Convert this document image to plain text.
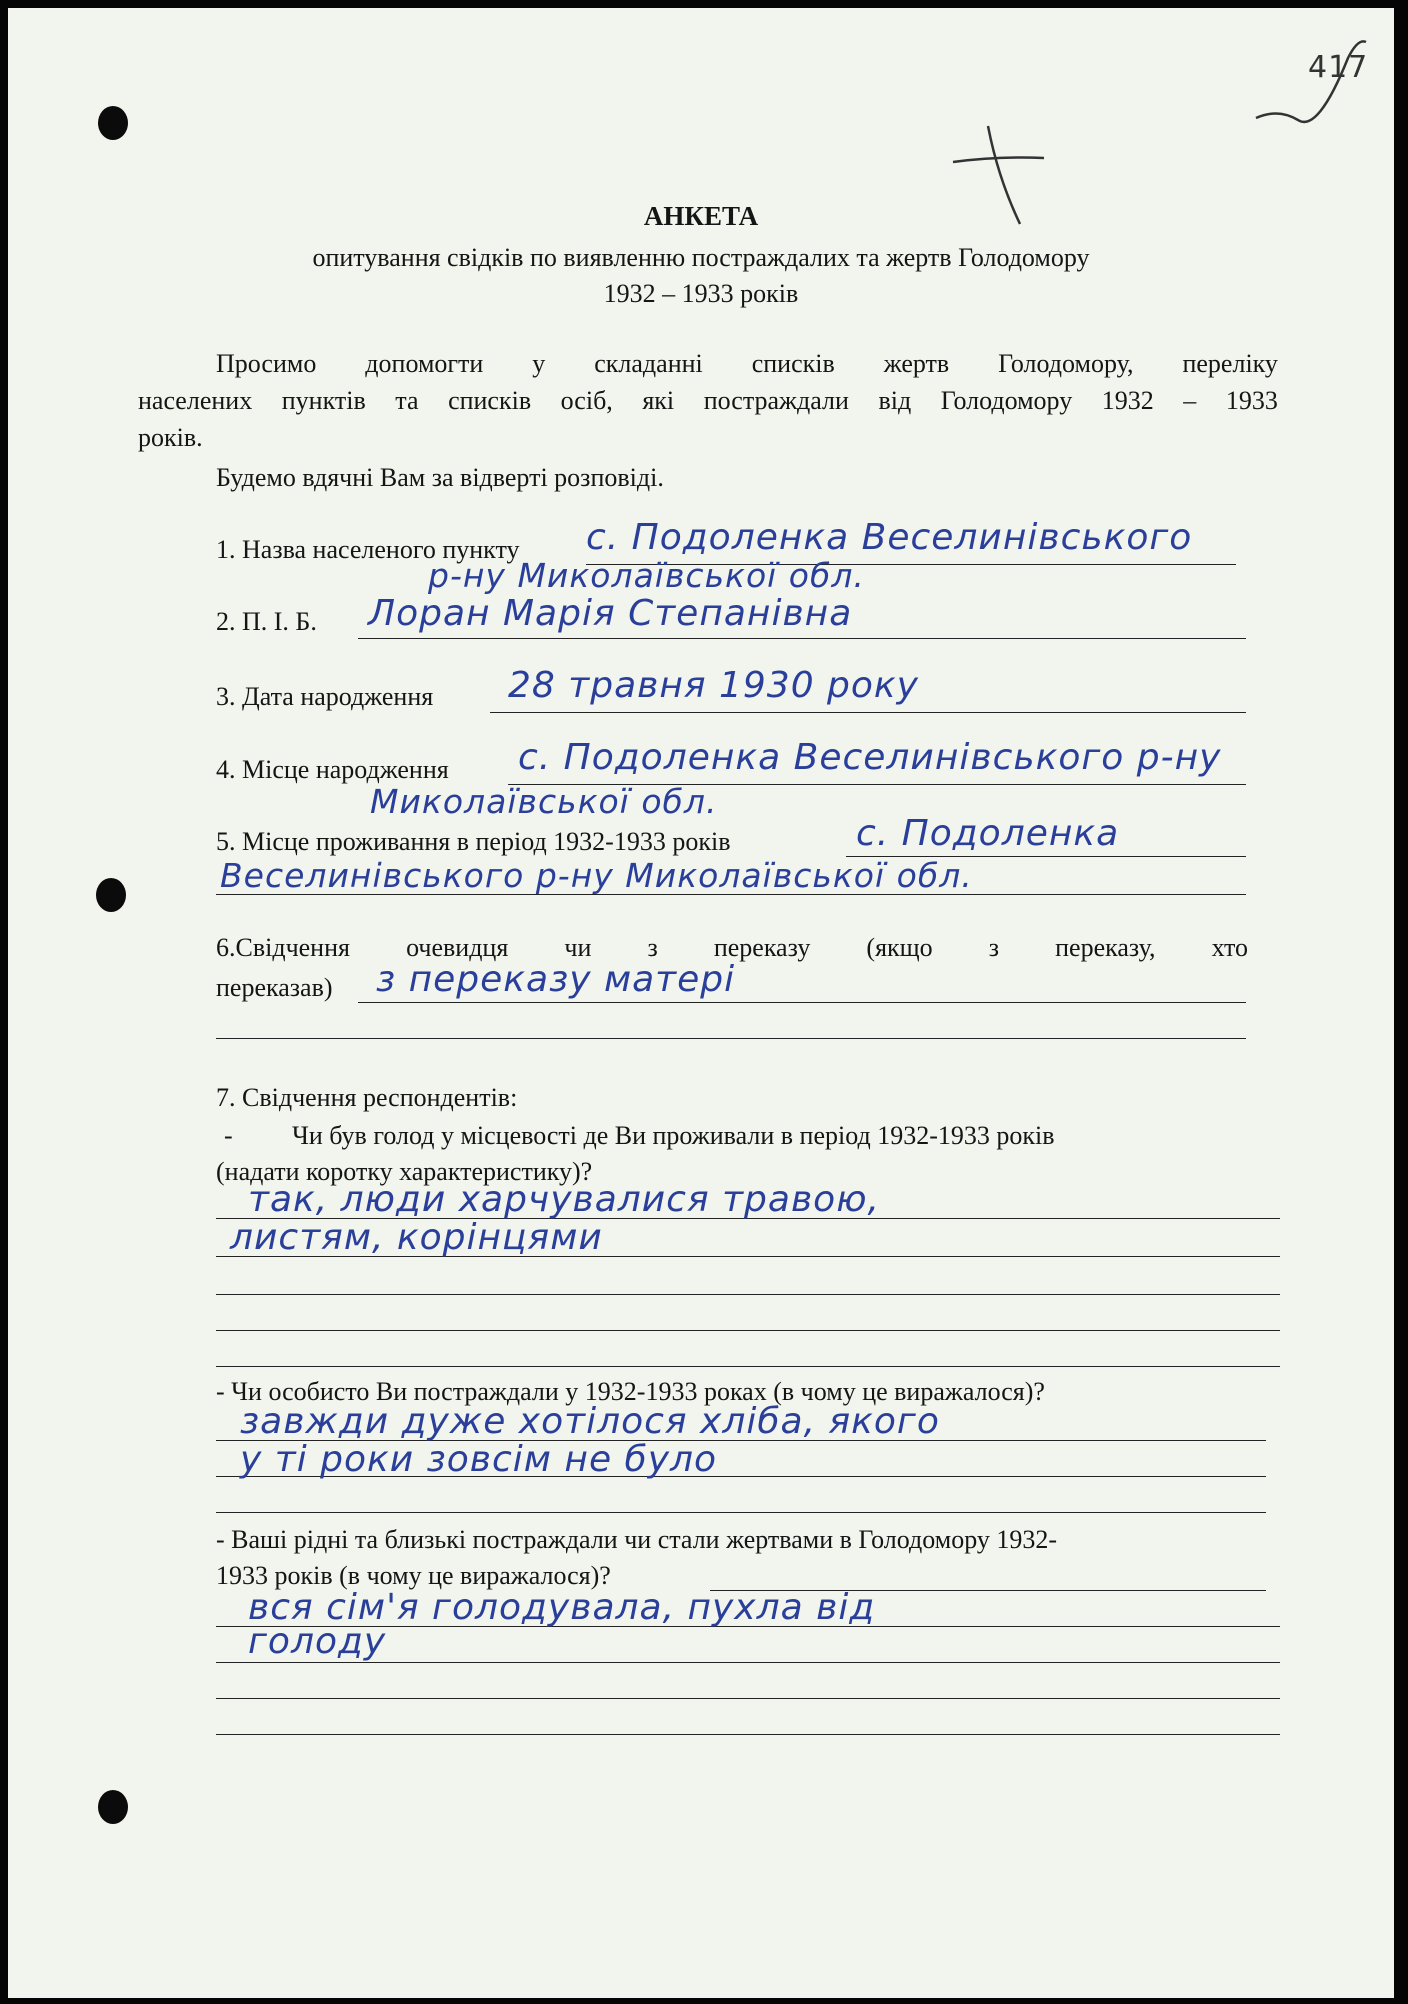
417
АНКЕТА
опитування свідків по виявленню постраждалих та жертв Голодомору
1932 – 1933 років
Просимо допомогти у складанні списків жертв Голодомору, переліку
населених пунктів та списків осіб, які постраждали від Голодомору 1932 – 1933
років.
Будемо вдячні Вам за відверті розповіді.
1. Назва населеного пункту с. Подоленка Веселинівського
р-ну Миколаївської обл.
2. П. І. Б. Лоран Марія Степанівна
3. Дата народження 28 травня 1930 року
4. Місце народження с. Подоленка Веселинівського р-ну
Миколаївської обл.
5. Місце проживання в період 1932-1933 років	с. Подоленка
Веселинівського р-ну Миколаївської обл.
6.Свідчення очевидця чи з переказу (якщо з переказу, хто
переказав) з переказу матері
7. Свідчення респондентів:
- Чи був голод у місцевості де Ви проживали в період 1932-1933 років
(надати коротку характеристику)?
так, люди харчувалися травою,
листям, корінцями
- Чи особисто Ви постраждали у 1932-1933 роках (в чому це виражалося)?
завжди дуже хотілося хліба, якого
у ті роки зовсім не було
- Ваші рідні та близькі постраждали чи стали жертвами в Голодомору 1932-
1933 років (в чому це виражалося)?
вся сім'я голодувала, пухла від
голоду
